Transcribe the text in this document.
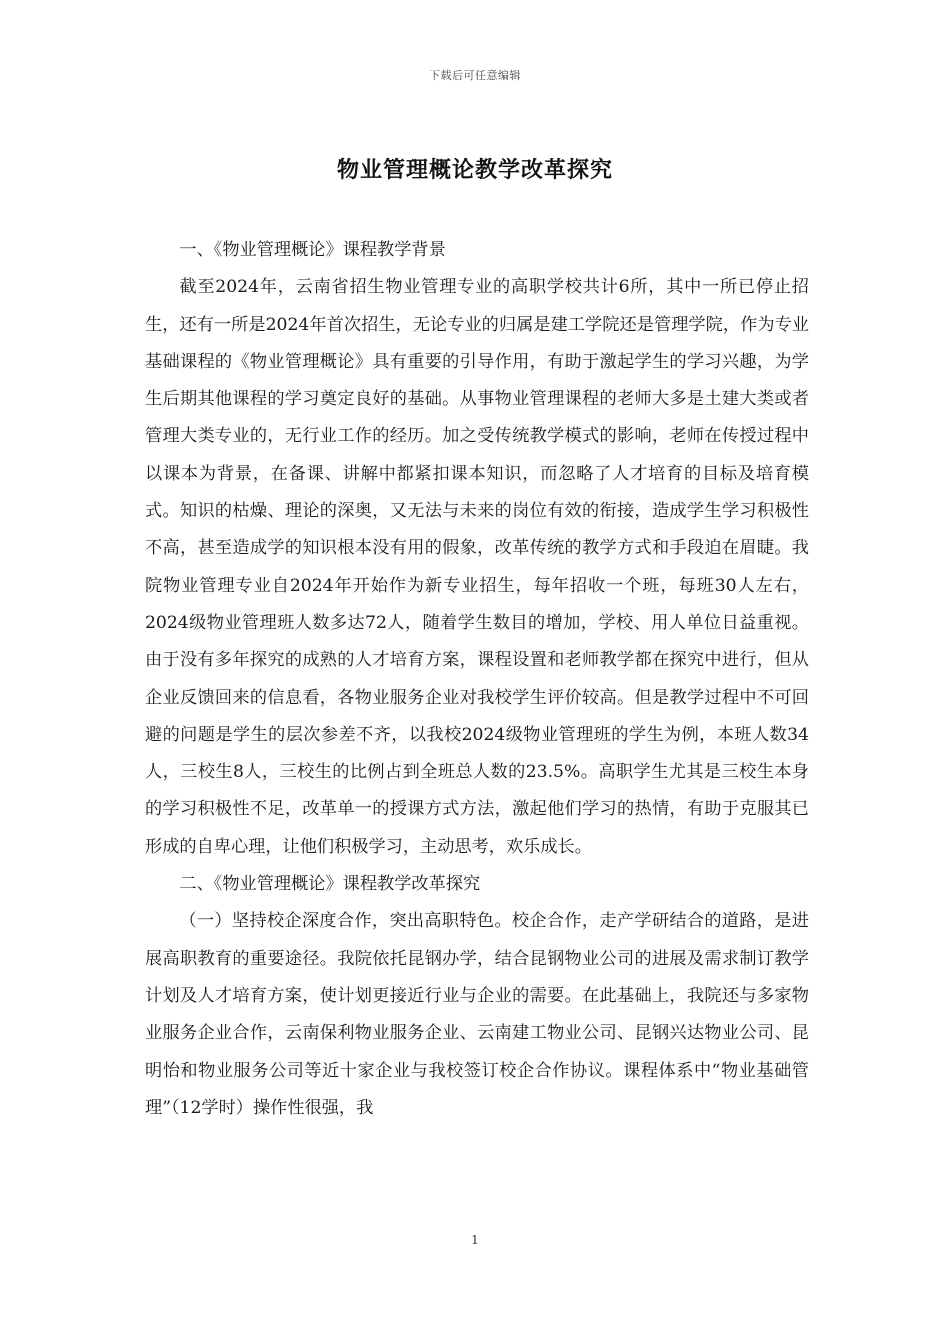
下载后可任意编辑
物业管理概论教学改革探究

一、《物业管理概论》课程教学背景

截至2024年，云南省招生物业管理专业的高职学校共计6所，其中一所已停止招生，还有一所是2024年首次招生，无论专业的归属是建工学院还是管理学院，作为专业基础课程的《物业管理概论》具有重要的引导作用，有助于激起学生的学习兴趣，为学生后期其他课程的学习奠定良好的基础。从事物业管理课程的老师大多是土建大类或者管理大类专业的，无行业工作的经历。加之受传统教学模式的影响，老师在传授过程中以课本为背景，在备课、讲解中都紧扣课本知识，而忽略了人才培育的目标及培育模式。知识的枯燥、理论的深奥，又无法与未来的岗位有效的衔接，造成学生学习积极性不高，甚至造成学的知识根本没有用的假象，改革传统的教学方式和手段迫在眉睫。我院物业管理专业自2024年开始作为新专业招生，每年招收一个班，每班30人左右，2024级物业管理班人数多达72人，随着学生数目的增加，学校、用人单位日益重视。由于没有多年探究的成熟的人才培育方案，课程设置和老师教学都在探究中进行，但从企业反馈回来的信息看，各物业服务企业对我校学生评价较高。但是教学过程中不可回避的问题是学生的层次参差不齐，以我校2024级物业管理班的学生为例，本班人数34人，三校生8人，三校生的比例占到全班总人数的23.5%。高职学生尤其是三校生本身的学习积极性不足，改革单一的授课方式方法，激起他们学习的热情，有助于克服其已形成的自卑心理，让他们积极学习，主动思考，欢乐成长。

二、《物业管理概论》课程教学改革探究

（一）坚持校企深度合作，突出高职特色。校企合作，走产学研结合的道路，是进展高职教育的重要途径。我院依托昆钢办学，结合昆钢物业公司的进展及需求制订教学计划及人才培育方案，使计划更接近行业与企业的需要。在此基础上，我院还与多家物业服务企业合作，云南保利物业服务企业、云南建工物业公司、昆钢兴达物业公司、昆明怡和物业服务公司等近十家企业与我校签订校企合作协议。课程体系中“物业基础管理”（12学时）操作性很强，我

1
